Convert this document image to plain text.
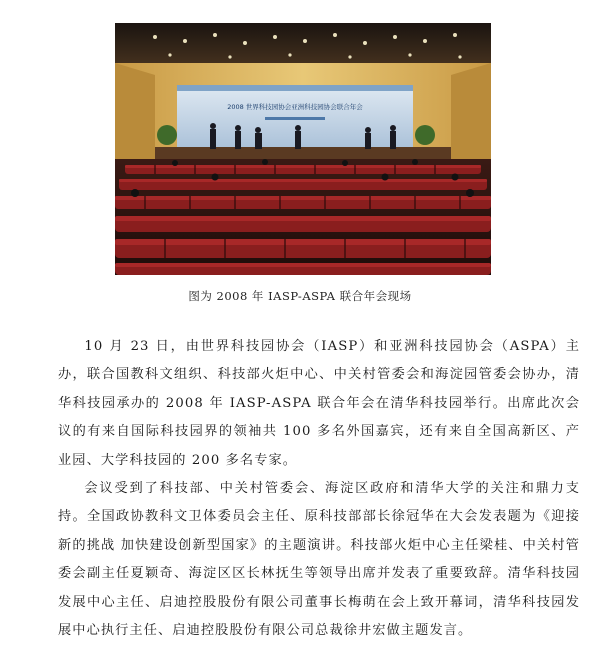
2008 世界科技园协会亚洲科技园协会联合年会
图为 2008 年 IASP-ASPA 联合年会现场

10 月 23 日，由世界科技园协会（IASP）和亚洲科技园协会（ASPA）主办，联合国教科文组织、科技部火炬中心、中关村管委会和海淀园管委会协办，清华科技园承办的 2008 年 IASP-ASPA 联合年会在清华科技园举行。出席此次会议的有来自国际科技园界的领袖共 100 多名外国嘉宾，还有来自全国高新区、产业园、大学科技园的 200 多名专家。

会议受到了科技部、中关村管委会、海淀区政府和清华大学的关注和鼎力支持。全国政协教科文卫体委员会主任、原科技部部长徐冠华在大会发表题为《迎接新的挑战 加快建设创新型国家》的主题演讲。科技部火炬中心主任梁桂、中关村管委会副主任夏颖奇、海淀区区长林抚生等领导出席并发表了重要致辞。清华科技园发展中心主任、启迪控股股份有限公司董事长梅萌在会上致开幕词，清华科技园发展中心执行主任、启迪控股股份有限公司总裁徐井宏做主题发言。
